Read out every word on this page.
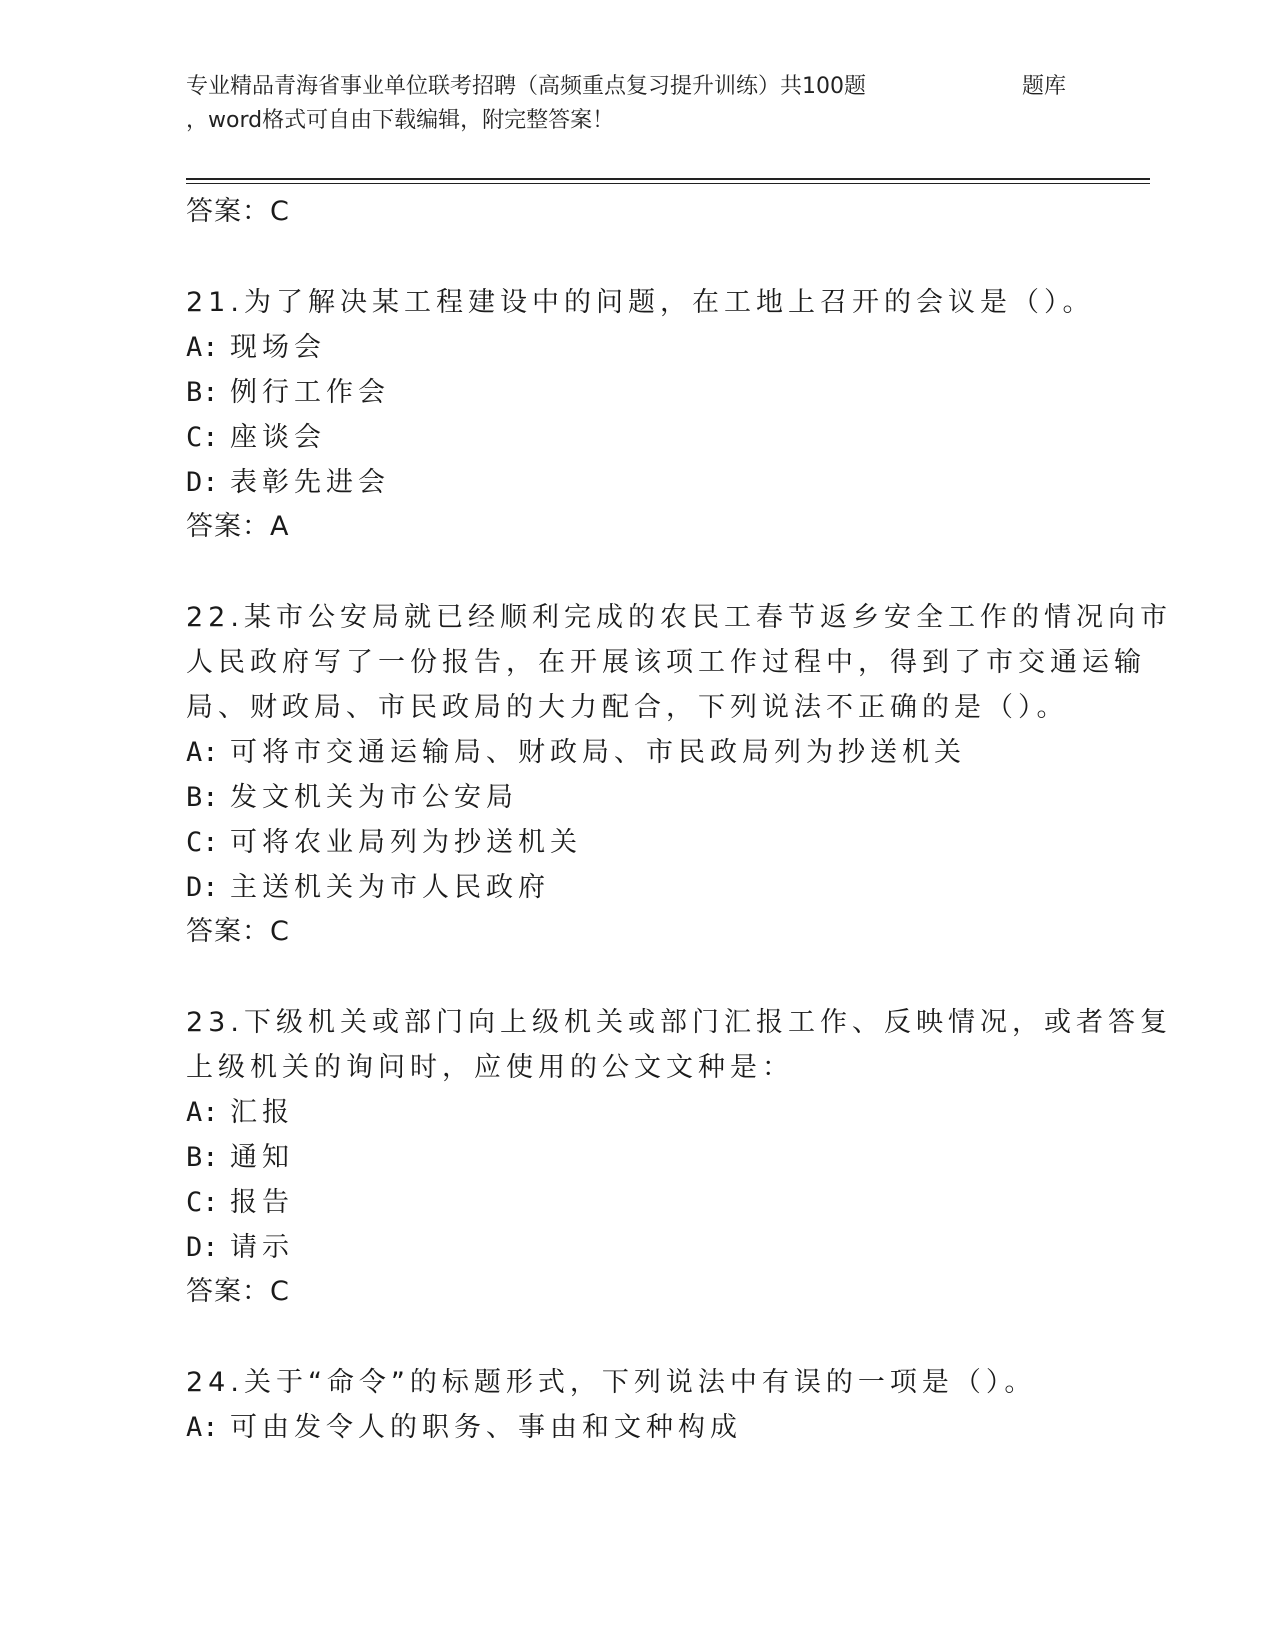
专业精品青海省事业单位联考招聘（高频重点复习提升训练）共100题	题库
，word格式可自由下载编辑，附完整答案！
答案：C
21.为了解决某工程建设中的问题，在工地上召开的会议是（）。
A: 现场会
B: 例行工作会
C: 座谈会
D: 表彰先进会
答案：A
22.某市公安局就已经顺利完成的农民工春节返乡安全工作的情况向市
人民政府写了一份报告，在开展该项工作过程中，得到了市交通运输
局、财政局、市民政局的大力配合，下列说法不正确的是（）。
A: 可将市交通运输局、财政局、市民政局列为抄送机关
B: 发文机关为市公安局
C: 可将农业局列为抄送机关
D: 主送机关为市人民政府
答案：C
23.下级机关或部门向上级机关或部门汇报工作、反映情况，或者答复
上级机关的询问时，应使用的公文文种是：
A: 汇报
B: 通知
C: 报告
D: 请示
答案：C
24.关于“命令”的标题形式，下列说法中有误的一项是（）。
A: 可由发令人的职务、事由和文种构成
